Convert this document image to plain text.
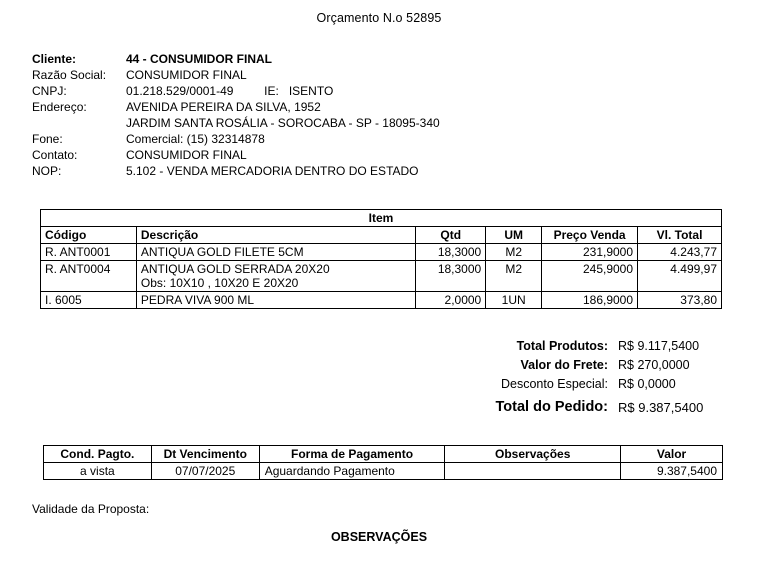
Orçamento N.o 52895
Cliente:	44 - CONSUMIDOR FINAL
Razão Social:	CONSUMIDOR FINAL
CNPJ:	01.218.529/0001-49	IE: ISENTO
Endereço:	AVENIDA PEREIRA DA SILVA, 1952
JARDIM SANTA ROSÁLIA - SOROCABA - SP - 18095-340
Fone:	Comercial: (15) 32314878
Contato:	CONSUMIDOR FINAL
NOP:	5.102 - VENDA MERCADORIA DENTRO DO ESTADO
Item					
Código	Descrição	Qtd	UM	Preço Venda	Vl. Total
R. ANT0001	ANTIQUA GOLD FILETE 5CM	18,3000	M2	231,9000	4.243,77
R. ANT0004	ANTIQUA GOLD SERRADA 20X20
Obs: 10X10 , 10X20 E 20X20	18,3000	M2	245,9000	4.499,97
I. 6005	PEDRA VIVA 900 ML	2,0000	1UN	186,9000	373,80
Total Produtos: R$ 9.117,5400
Valor do Frete: R$ 270,0000
Desconto Especial: R$ 0,0000
Total do Pedido: R$ 9.387,5400
Cond. Pagto.	Dt Vencimento	Forma de Pagamento	Observações	Valor
a vista	07/07/2025	Aguardando Pagamento		9.387,5400
Validade da Proposta:
OBSERVAÇÕES
